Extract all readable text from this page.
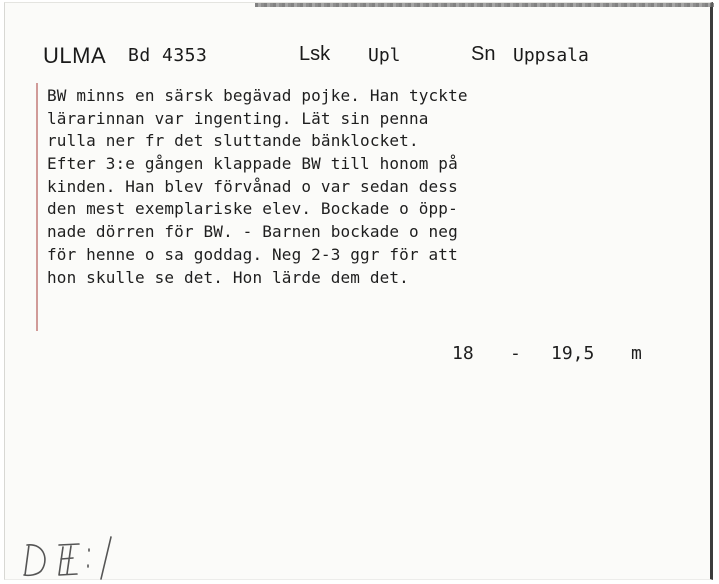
ULMA Bd 4353	Lsk Upl	Sn Uppsala
BW minns en särsk begävad pojke. Han tyckte
lärarinnan var ingenting. Lät sin penna
rulla ner fr det sluttande bänklocket.
Efter 3:e gången klappade BW till honom på
kinden. Han blev förvånad o var sedan dess
den mest exemplariske elev. Bockade o öpp-
nade dörren för BW. - Barnen bockade o neg
för henne o sa goddag. Neg 2-3 ggr för att
hon skulle se det. Hon lärde dem det.
18 - 19,5 m
